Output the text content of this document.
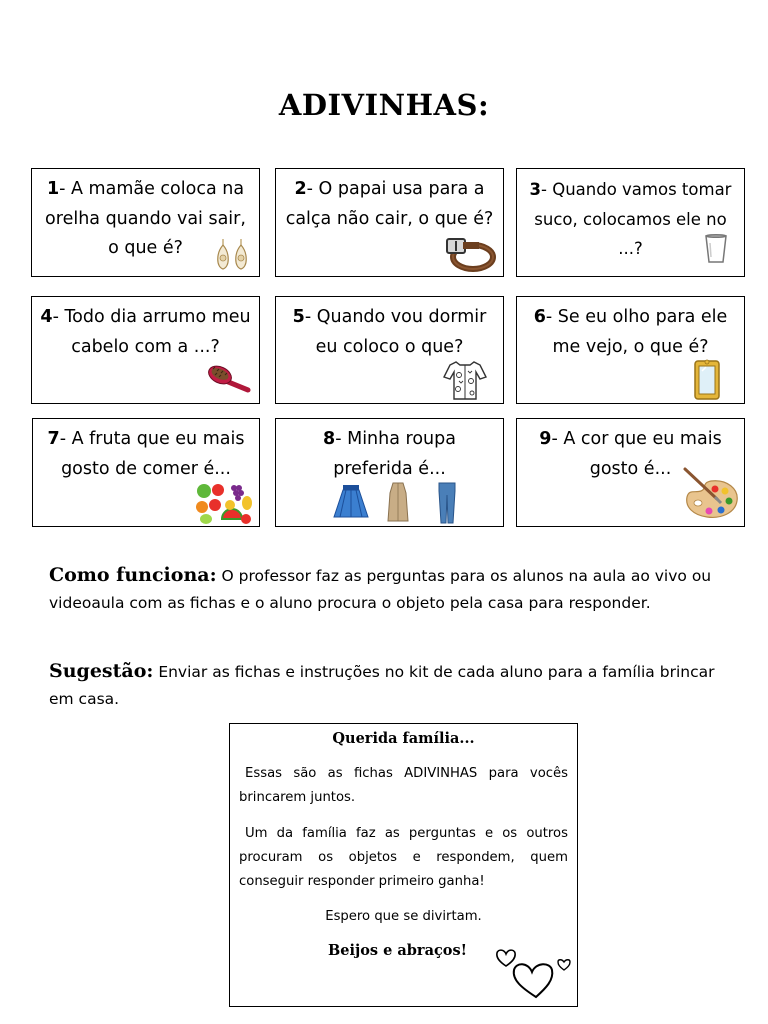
ADIVINHAS:
1- A mamãe coloca na orelha quando vai sair, o que é?
2- O papai usa para a calça não cair, o que é?
3- Quando vamos tomar suco, colocamos ele no ...?
4- Todo dia arrumo meu cabelo com a ...?
5- Quando vou dormir eu coloco o que?
6- Se eu olho para ele me vejo, o que é?
7- A fruta que eu mais gosto de comer é...
8- Minha roupa preferida é...
9- A cor que eu mais gosto é...
Como funciona: O professor faz as perguntas para os alunos na aula ao vivo ou videoaula com as fichas e o aluno procura o objeto pela casa para responder.
Sugestão: Enviar as fichas e instruções no kit de cada aluno para a família brincar em casa.
Querida família...
Essas são as fichas ADIVINHAS para vocês brincarem juntos.
Um da família faz as perguntas e os outros procuram os objetos e respondem, quem conseguir responder primeiro ganha!
Espero que se divirtam.
Beijos e abraços!
